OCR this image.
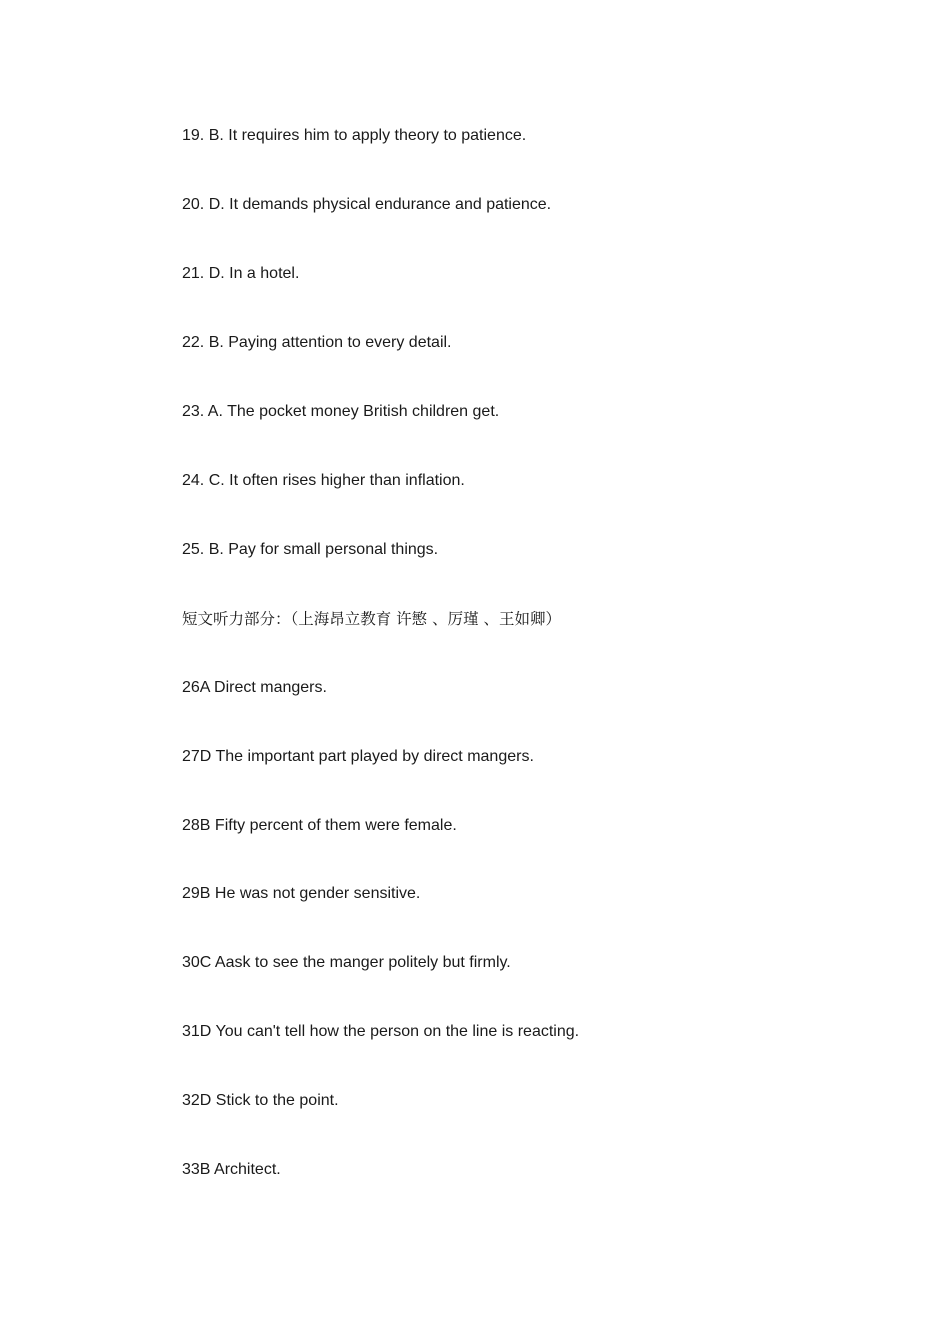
19. B. It requires him to apply theory to patience.
20. D. It demands physical endurance and patience.
21. D. In a hotel.
22. B. Paying attention to every detail.
23. A. The pocket money British children get.
24. C. It often rises higher than inflation.
25. B. Pay for small personal things.
短文听力部分：（上海昂立教育 许慜 、厉瑾 、王如卿）
26A Direct mangers.
27D The important part played by direct mangers.
28B Fifty percent of them were female.
29B He was not gender sensitive.
30C Aask to see the manger politely but firmly.
31D You can't tell how the person on the line is reacting.
32D Stick to the point.
33B Architect.
